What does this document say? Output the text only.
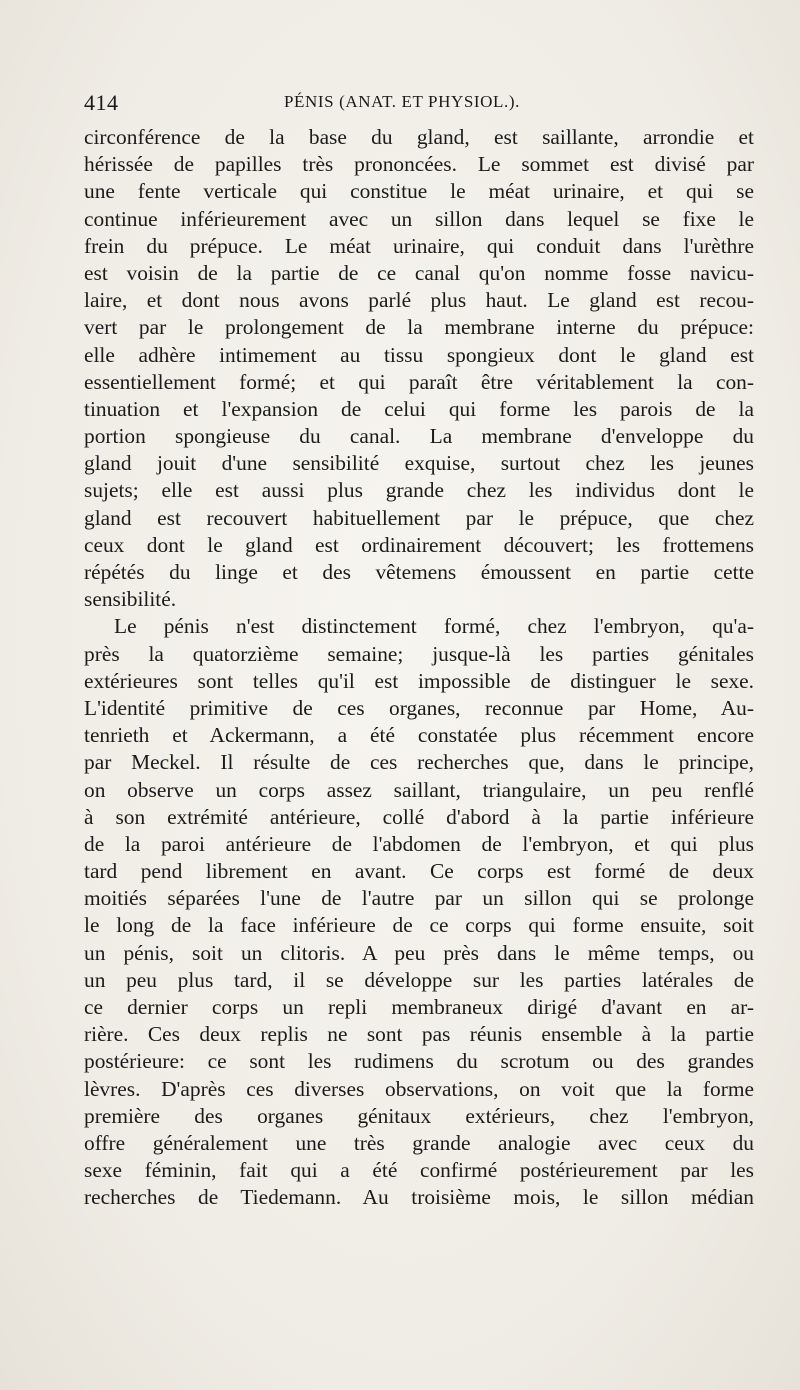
414	PÉNIS (ANAT. ET PHYSIOL.).
circonférence de la base du gland, est saillante, arrondie et
hérissée de papilles très prononcées. Le sommet est divisé par
une fente verticale qui constitue le méat urinaire, et qui se
continue inférieurement avec un sillon dans lequel se fixe le
frein du prépuce. Le méat urinaire, qui conduit dans l'urèthre
est voisin de la partie de ce canal qu'on nomme fosse navicu-
laire, et dont nous avons parlé plus haut. Le gland est recou-
vert par le prolongement de la membrane interne du prépuce:
elle adhère intimement au tissu spongieux dont le gland est
essentiellement formé; et qui paraît être véritablement la con-
tinuation et l'expansion de celui qui forme les parois de la
portion spongieuse du canal. La membrane d'enveloppe du
gland jouit d'une sensibilité exquise, surtout chez les jeunes
sujets; elle est aussi plus grande chez les individus dont le
gland est recouvert habituellement par le prépuce, que chez
ceux dont le gland est ordinairement découvert; les frottemens
répétés du linge et des vêtemens émoussent en partie cette
sensibilité.
Le pénis n'est distinctement formé, chez l'embryon, qu'a-
près la quatorzième semaine; jusque-là les parties génitales
extérieures sont telles qu'il est impossible de distinguer le sexe.
L'identité primitive de ces organes, reconnue par Home, Au-
tenrieth et Ackermann, a été constatée plus récemment encore
par Meckel. Il résulte de ces recherches que, dans le principe,
on observe un corps assez saillant, triangulaire, un peu renflé
à son extrémité antérieure, collé d'abord à la partie inférieure
de la paroi antérieure de l'abdomen de l'embryon, et qui plus
tard pend librement en avant. Ce corps est formé de deux
moitiés séparées l'une de l'autre par un sillon qui se prolonge
le long de la face inférieure de ce corps qui forme ensuite, soit
un pénis, soit un clitoris. A peu près dans le même temps, ou
un peu plus tard, il se développe sur les parties latérales de
ce dernier corps un repli membraneux dirigé d'avant en ar-
rière. Ces deux replis ne sont pas réunis ensemble à la partie
postérieure: ce sont les rudimens du scrotum ou des grandes
lèvres. D'après ces diverses observations, on voit que la forme
première des organes génitaux extérieurs, chez l'embryon,
offre généralement une très grande analogie avec ceux du
sexe féminin, fait qui a été confirmé postérieurement par les
recherches de Tiedemann. Au troisième mois, le sillon médian
